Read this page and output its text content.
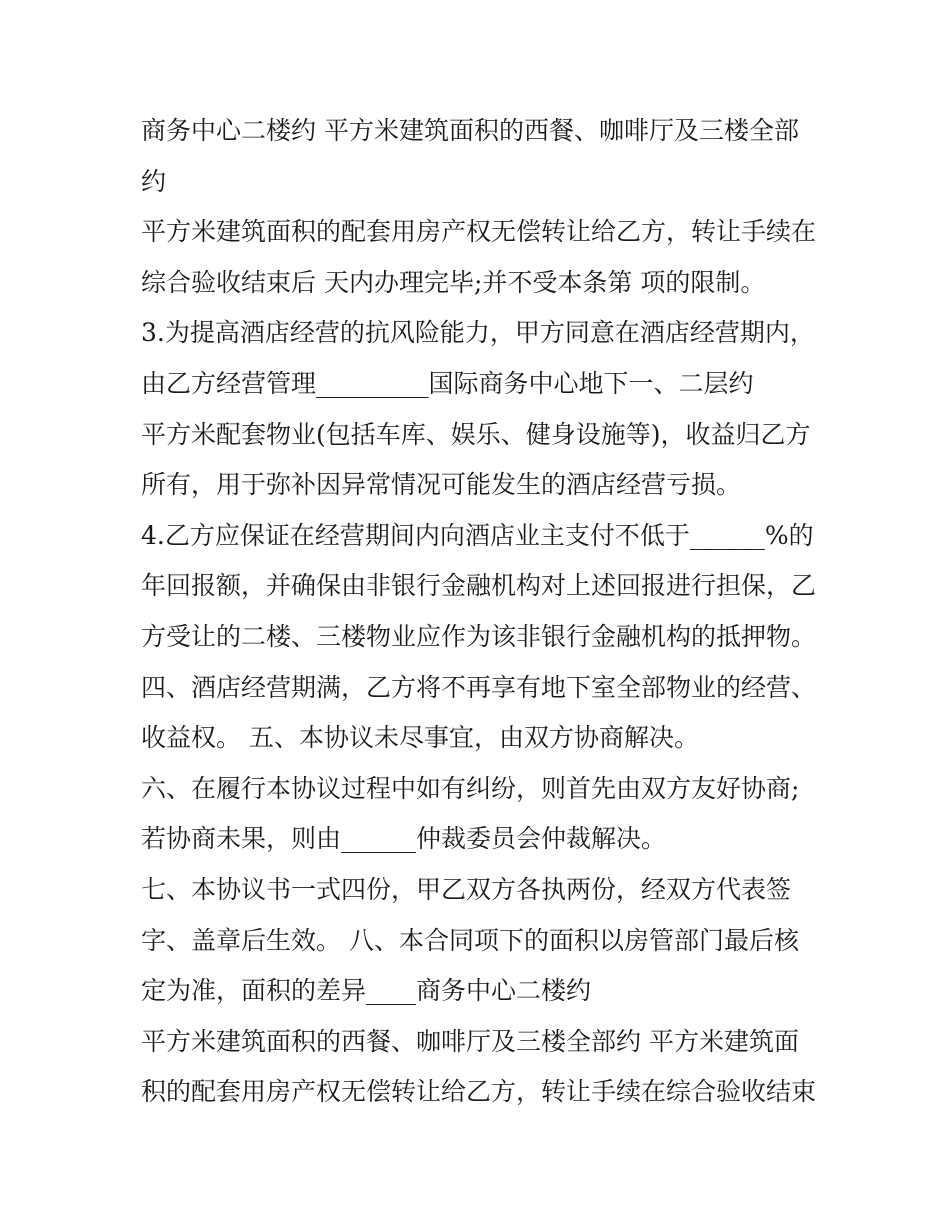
商务中心二楼约 平方米建筑面积的西餐、咖啡厅及三楼全部
约
平方米建筑面积的配套用房产权无偿转让给乙方，转让手续在
综合验收结束后 天内办理完毕;并不受本条第 项的限制。
3.为提高酒店经营的抗风险能力，甲方同意在酒店经营期内，
由乙方经营管理_________国际商务中心地下一、二层约
平方米配套物业(包括车库、娱乐、健身设施等)，收益归乙方
所有，用于弥补因异常情况可能发生的酒店经营亏损。
4.乙方应保证在经营期间内向酒店业主支付不低于______%的
年回报额，并确保由非银行金融机构对上述回报进行担保，乙
方受让的二楼、三楼物业应作为该非银行金融机构的抵押物。
四、酒店经营期满，乙方将不再享有地下室全部物业的经营、
收益权。 五、本协议未尽事宜，由双方协商解决。
六、在履行本协议过程中如有纠纷，则首先由双方友好协商;
若协商未果，则由______仲裁委员会仲裁解决。
七、本协议书一式四份，甲乙双方各执两份，经双方代表签
字、盖章后生效。 八、本合同项下的面积以房管部门最后核
定为准，面积的差异____商务中心二楼约
平方米建筑面积的西餐、咖啡厅及三楼全部约 平方米建筑面
积的配套用房产权无偿转让给乙方，转让手续在综合验收结束
